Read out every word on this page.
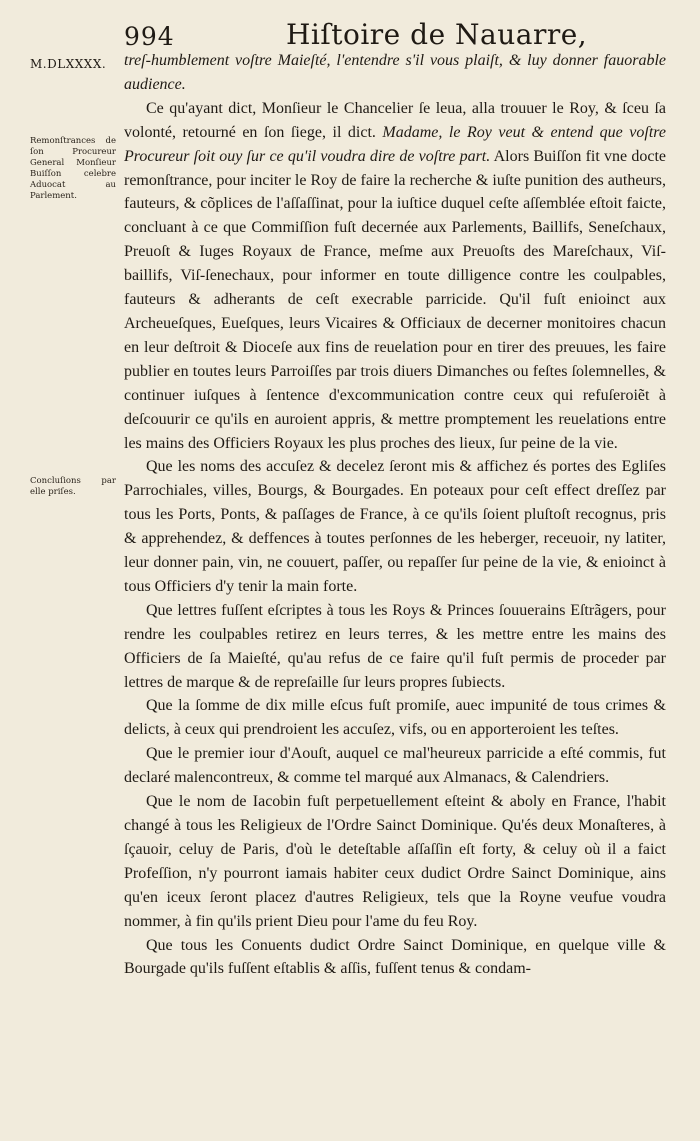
994	Hiſtoire de Nauarre,
M.DLXXXX.
Remonſtrances de ſon Procureur General Monſieur Buiſſon celebre Aduocat au Parlement.
Concluſions par elle priſes.

treſ-humblement voſtre Maieſté, l'entendre s'il vous plaiſt, & luy donner fauorable audience.

Ce qu'ayant dict, Monſieur le Chancelier ſe leua, alla trouuer le Roy, & ſceu ſa volonté, retourné en ſon ſiege, il dict. Madame, le Roy veut & entend que voſtre Procureur ſoit ouy ſur ce qu'il voudra dire de voſtre part. Alors Buiſſon fit vne docte remonſtrance, pour inciter le Roy de faire la recherche & iuſte punition des autheurs, fauteurs, & cõplices de l'aſſaſſinat, pour la iuſtice duquel ceſte aſſemblée eſtoit faicte, concluant à ce que Commiſſion fuſt decernée aux Parlements, Baillifs, Seneſchaux, Preuoſt & Iuges Royaux de France, meſme aux Preuoſts des Mareſchaux, Viſ-baillifs, Viſ-ſenechaux, pour informer en toute dilligence contre les coulpables, fauteurs & adherants de ceſt execrable parricide. Qu'il fuſt enioinct aux Archeueſques, Eueſques, leurs Vicaires & Officiaux de decerner monitoires chacun en leur deſtroit & Dioceſe aux fins de reuelation pour en tirer des preuues, les faire publier en toutes leurs Parroiſſes par trois diuers Dimanches ou feſtes ſolemnelles, & continuer iuſques à ſentence d'excommunication contre ceux qui refuſeroiẽt à deſcouurir ce qu'ils en auroient appris, & mettre promptement les reuelations entre les mains des Officiers Royaux les plus proches des lieux, ſur peine de la vie.

Que les noms des accuſez & decelez ſeront mis & affichez és portes des Egliſes Parrochiales, villes, Bourgs, & Bourgades. En poteaux pour ceſt effect dreſſez par tous les Ports, Ponts, & paſſages de France, à ce qu'ils ſoient pluſtoſt recognus, pris & apprehendez, & deffences à toutes perſonnes de les heberger, receuoir, ny latiter, leur donner pain, vin, ne couuert, paſſer, ou repaſſer ſur peine de la vie, & enioinct à tous Officiers d'y tenir la main forte.

Que lettres fuſſent eſcriptes à tous les Roys & Princes ſouuerains Eſtrãgers, pour rendre les coulpables retirez en leurs terres, & les mettre entre les mains des Officiers de ſa Maieſté, qu'au refus de ce faire qu'il fuſt permis de proceder par lettres de marque & de repreſaille ſur leurs propres ſubiects.

Que la ſomme de dix mille eſcus fuſt promiſe, auec impunité de tous crimes & delicts, à ceux qui prendroient les accuſez, vifs, ou en apporteroient les teſtes.

Que le premier iour d'Aouſt, auquel ce mal'heureux parricide a eſté commis, fut declaré malencontreux, & comme tel marqué aux Almanacs, & Calendriers.

Que le nom de Iacobin fuſt perpetuellement eſteint & aboly en France, l'habit changé à tous les Religieux de l'Ordre Sainct Dominique. Qu'és deux Monaſteres, à ſçauoir, celuy de Paris, d'où le deteſtable aſſaſſin eſt forty, & celuy où il a faict Profeſſion, n'y pourront iamais habiter ceux dudict Ordre Sainct Dominique, ains qu'en iceux ſeront placez d'autres Religieux, tels que la Royne veufue voudra nommer, à fin qu'ils prient Dieu pour l'ame du feu Roy.

Que tous les Conuents dudict Ordre Sainct Dominique, en quelque ville & Bourgade qu'ils fuſſent eſtablis & aſſis, fuſſent tenus & condam-
